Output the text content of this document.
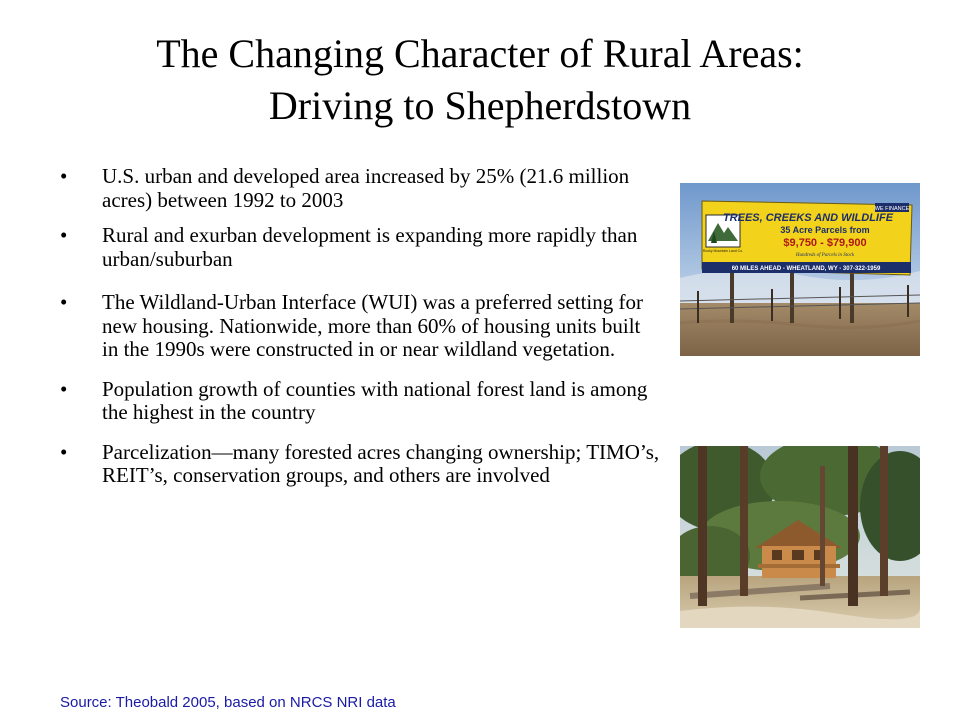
The Changing Character of Rural Areas:
Driving to Shepherdstown
• U.S. urban and developed area increased by 25% (21.6 million acres) between 1992 to 2003
• Rural and exurban development is expanding more rapidly than urban/suburban
• The Wildland-Urban Interface (WUI) was a preferred setting for new housing. Nationwide, more than 60% of housing units built in the 1990s were constructed in or near wildland vegetation.
• Population growth of counties with national forest land is among the highest in the country
• Parcelization—many forested acres changing ownership; TIMO’s, REIT’s, conservation groups, and others are involved
WE FINANCE
Rocky Mountain Land Co.
TREES, CREEKS AND WILDLIFE
35 Acre Parcels from
$9,750 - $79,900
Hundreds of Parcels in Stock
60 MILES AHEAD - WHEATLAND, WY - 307-322-1959
Source: Theobald 2005, based on NRCS NRI data
